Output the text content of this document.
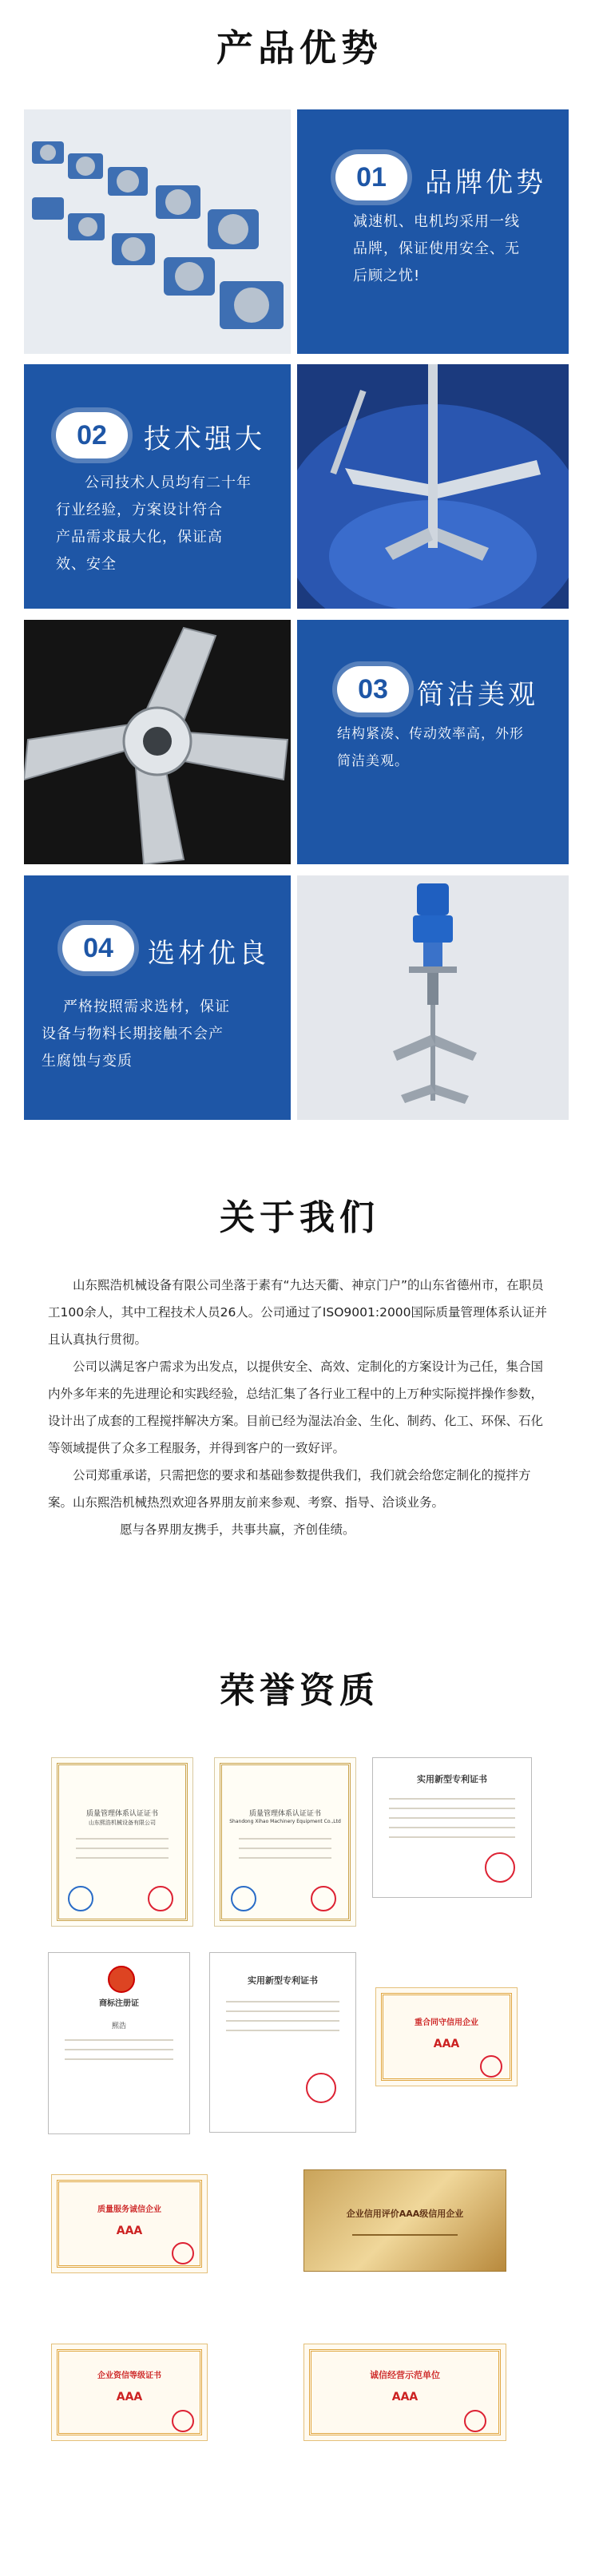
产品优势
01	品牌优势
减速机、电机均采用一线
品牌，保证使用安全、无
后顾之忧!
02	技术强大
公司技术人员均有二十年
行业经验，方案设计符合
产品需求最大化，保证高
效、安全
03	简洁美观
结构紧凑、传动效率高，外形
简洁美观。
04	选材优良
严格按照需求选材，保证
设备与物料长期接触不会产
生腐蚀与变质
关于我们

山东熙浩机械设备有限公司坐落于素有“九达天衢、神京门户”的山东省德州市，在职员工100余人，其中工程技术人员26人。公司通过了ISO9001:2000国际质量管理体系认证并且认真执行贯彻。

公司以满足客户需求为出发点，以提供安全、高效、定制化的方案设计为己任，集合国内外多年来的先进理论和实践经验，总结汇集了各行业工程中的上万种实际搅拌操作参数，设计出了成套的工程搅拌解决方案。目前已经为湿法冶金、生化、制药、化工、环保、石化等领域提供了众多工程服务，并得到客户的一致好评。

公司郑重承诺，只需把您的要求和基础参数提供我们，我们就会给您定制化的搅拌方案。山东熙浩机械热烈欢迎各界朋友前来参观、考察、指导、洽谈业务。

愿与各界朋友携手，共事共赢，齐创佳绩。

荣誉资质
质量管理体系认证证书
山东熙浩机械设备有限公司
质量管理体系认证证书
Shandong Xihao Machinery Equipment Co.,Ltd
实用新型专利证书
商标注册证
熙浩
实用新型专利证书
重合同守信用企业
AAA
质量服务诚信企业
AAA
企业信用评价AAA级信用企业
企业资信等级证书
AAA
诚信经营示范单位
AAA
